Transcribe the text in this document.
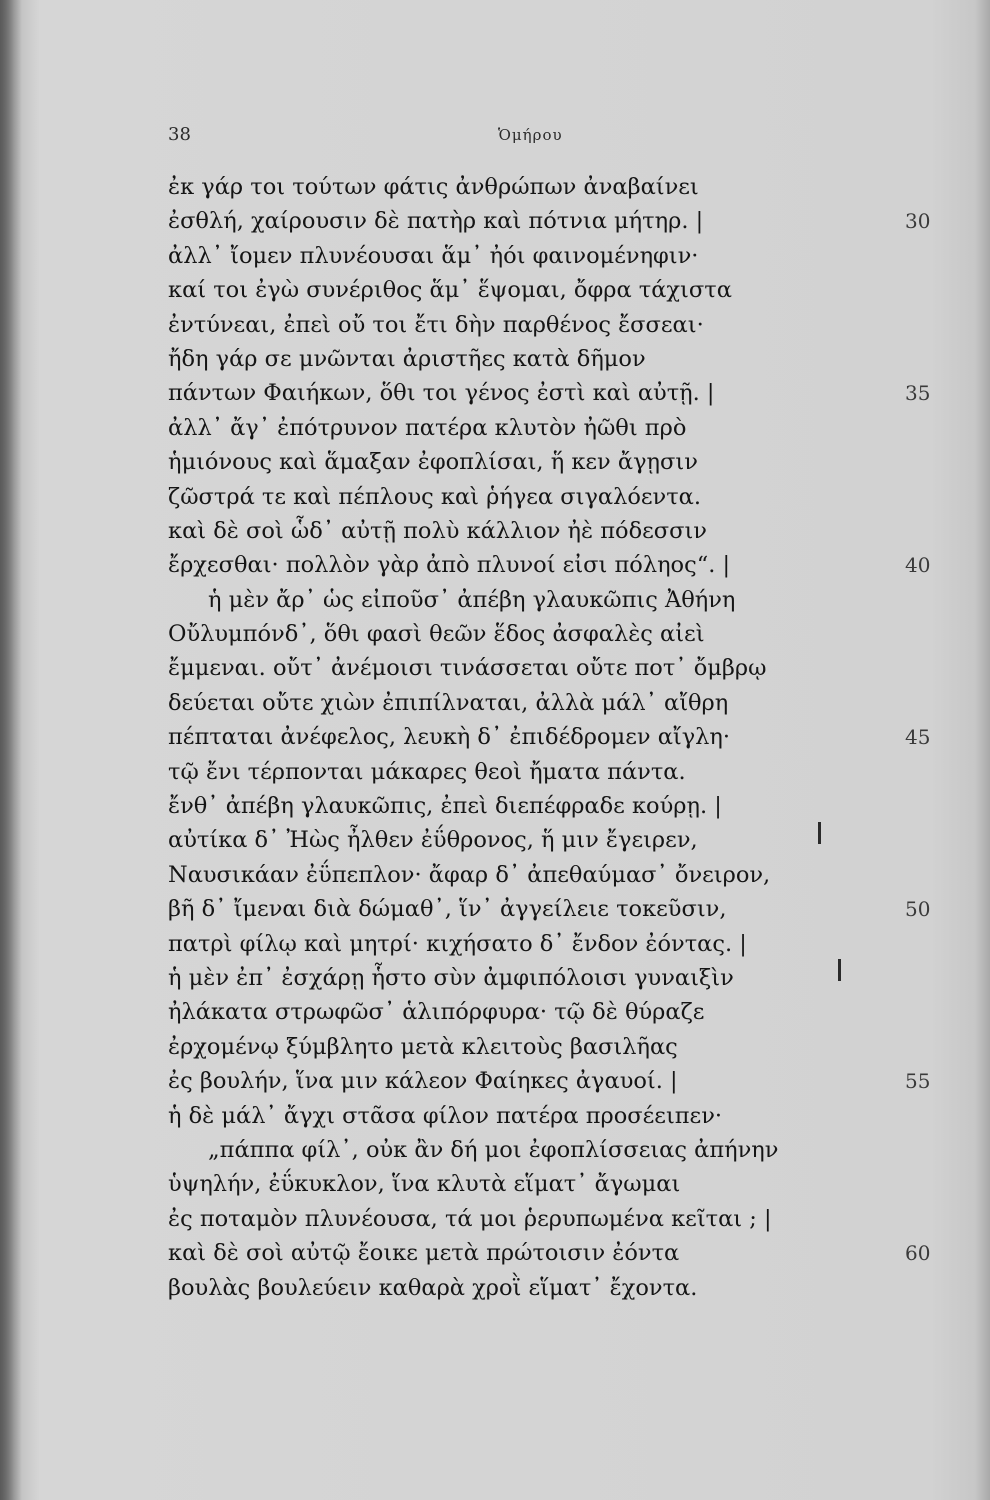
38	Ὁμήρου
ἐκ γάρ τοι τούτων φάτις ἀνθρώπων ἀναβαίνει
ἐσθλή, χαίρουσιν δὲ πατὴρ καὶ πότνια μήτηρ. |
ἀλλ᾽ ἴομεν πλυνέουσαι ἅμ᾽ ἠόι φαινομένηφιν·
καί τοι ἐγὼ συνέριθος ἅμ᾽ ἕψομαι, ὄφρα τάχιστα
ἐντύνεαι, ἐπεὶ οὔ τοι ἔτι δὴν παρθένος ἔσσεαι·
ἤδη γάρ σε μνῶνται ἀριστῆες κατὰ δῆμον
πάντων Φαιήκων, ὅθι τοι γένος ἐστὶ καὶ αὐτῇ. |
ἀλλ᾽ ἄγ᾽ ἐπότρυνον πατέρα κλυτὸν ἠῶθι πρὸ
ἡμιόνους καὶ ἅμαξαν ἐφοπλίσαι, ἥ κεν ἄγῃσιν
ζῶστρά τε καὶ πέπλους καὶ ῥήγεα σιγαλόεντα.
καὶ δὲ σοὶ ὧδ᾽ αὐτῇ πολὺ κάλλιον ἠὲ πόδεσσιν
ἔρχεσθαι· πολλὸν γὰρ ἀπὸ πλυνοί εἰσι πόληος“. |
ἡ μὲν ἄρ᾽ ὡς εἰποῦσ᾽ ἀπέβη γλαυκῶπις Ἀθήνη
Οὔλυμπόνδ᾽, ὅθι φασὶ θεῶν ἕδος ἀσφαλὲς αἰεὶ
ἔμμεναι. οὔτ᾽ ἀνέμοισι τινάσσεται οὔτε ποτ᾽ ὄμβρῳ
δεύεται οὔτε χιὼν ἐπιπίλναται, ἀλλὰ μάλ᾽ αἴθρη
πέπταται ἀνέφελος, λευκὴ δ᾽ ἐπιδέδρομεν αἴγλη·
τῷ ἔνι τέρπονται μάκαρες θεοὶ ἤματα πάντα.
ἔνθ᾽ ἀπέβη γλαυκῶπις, ἐπεὶ διεπέφραδε κούρῃ. |
αὐτίκα δ᾽ Ἠὼς ἦλθεν ἐΰθρονος, ἥ μιν ἔγειρεν,
Ναυσικάαν ἐΰπεπλον· ἄφαρ δ᾽ ἀπεθαύμασ᾽ ὄνειρον,
βῆ δ᾽ ἴμεναι διὰ δώμαθ᾽, ἵν᾽ ἀγγείλειε τοκεῦσιν,
πατρὶ φίλῳ καὶ μητρί· κιχήσατο δ᾽ ἔνδον ἐόντας. |
ἡ μὲν ἐπ᾽ ἐσχάρῃ ἧστο σὺν ἀμφιπόλοισι γυναιξὶν
ἠλάκατα στρωφῶσ᾽ ἁλιπόρφυρα· τῷ δὲ θύραζε
ἐρχομένῳ ξύμβλητο μετὰ κλειτοὺς βασιλῆας
ἐς βουλήν, ἵνα μιν κάλεον Φαίηκες ἀγαυοί. |
ἡ δὲ μάλ᾽ ἄγχι στᾶσα φίλον πατέρα προσέειπεν·
„πάππα φίλ᾽, οὐκ ἂν δή μοι ἐφοπλίσσειας ἀπήνην
ὑψηλήν, ἐΰκυκλον, ἵνα κλυτὰ εἵματ᾽ ἄγωμαι
ἐς ποταμὸν πλυνέουσα, τά μοι ῥερυπωμένα κεῖται ; |
καὶ δὲ σοὶ αὐτῷ ἔοικε μετὰ πρώτοισιν ἐόντα
βουλὰς βουλεύειν καθαρὰ χροῒ εἵματ᾽ ἔχοντα.
30
35
40
45
50
55
60
